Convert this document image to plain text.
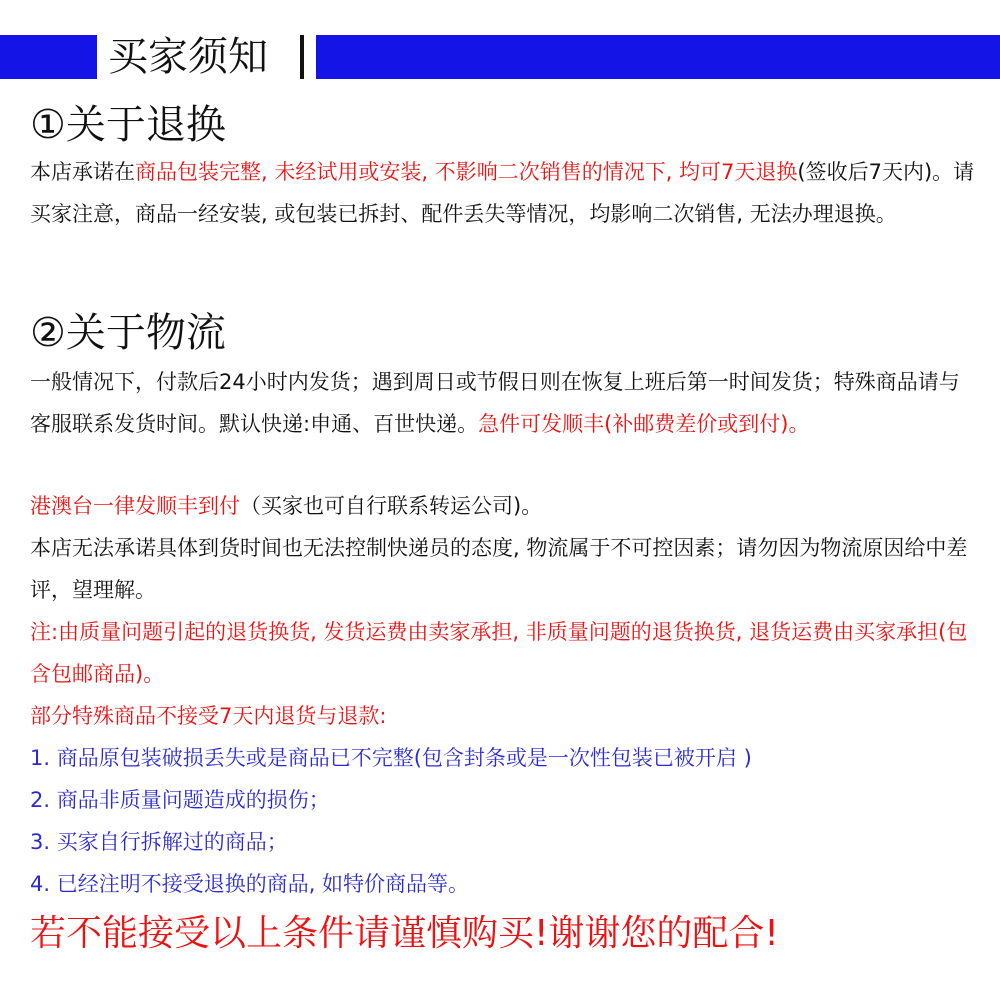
买家须知
①关于退换

本店承诺在商品包装完整, 未经试用或安装, 不影响二次销售的情况下, 均可7天退换(签收后7天内)。请买家注意，商品一经安装, 或包装已拆封、配件丢失等情况，均影响二次销售, 无法办理退换。

②关于物流

一般情况下，付款后24小时内发货；遇到周日或节假日则在恢复上班后第一时间发货；特殊商品请与客服联系发货时间。默认快递:申通、百世快递。急件可发顺丰(补邮费差价或到付)。

港澳台一律发顺丰到付（买家也可自行联系转运公司)。

本店无法承诺具体到货时间也无法控制快递员的态度, 物流属于不可控因素；请勿因为物流原因给中差评，望理解。

注:由质量问题引起的退货换货, 发货运费由卖家承担, 非质量问题的退货换货, 退货运费由买家承担(包含包邮商品)。

部分特殊商品不接受7天内退货与退款:

1. 商品原包装破损丢失或是商品已不完整(包含封条或是一次性包装已被开启 )

2. 商品非质量问题造成的损伤；

3. 买家自行拆解过的商品；

4. 已经注明不接受退换的商品, 如特价商品等。

若不能接受以上条件请谨慎购买!谢谢您的配合!
